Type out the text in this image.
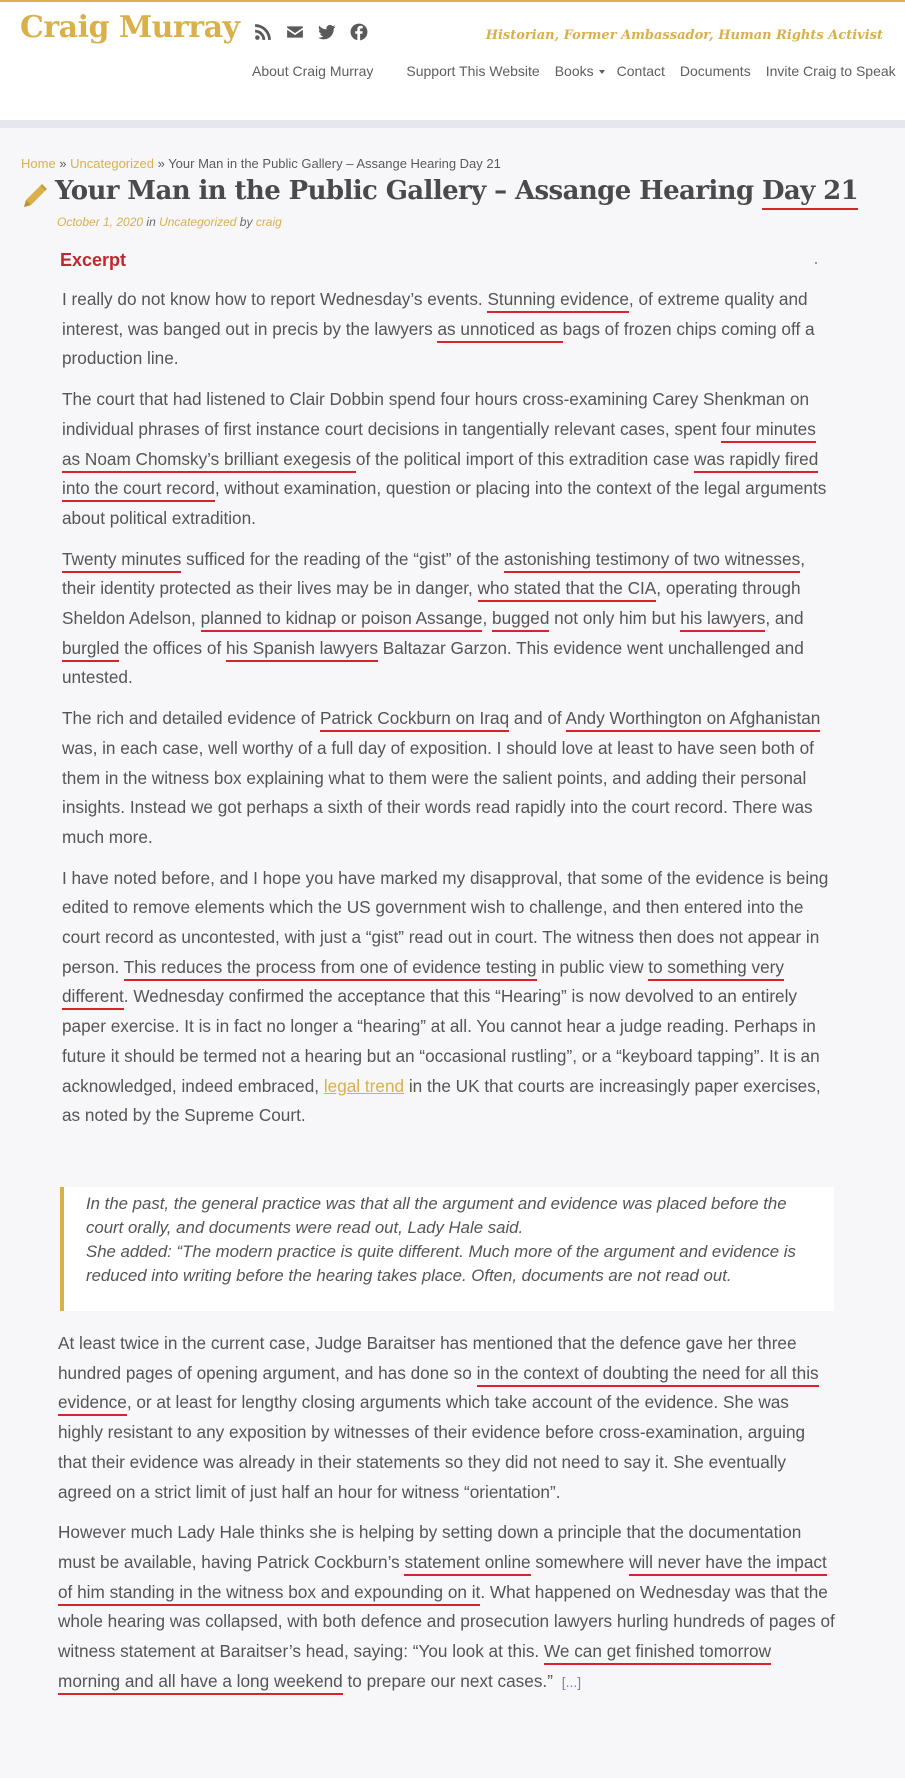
Craig Murray	Historian, Former Ambassador, Human Rights Activist
About Craig Murray Support This Website Books	Contact Documents Invite Craig to Speak
Home » Uncategorized » Your Man in the Public Gallery – Assange Hearing Day 21
Your Man in the Public Gallery – Assange Hearing Day 21
October 1, 2020 in Uncategorized by craig
Excerpt

I really do not know how to report Wednesday’s events. Stunning evidence, of extreme quality and interest, was banged out in precis by the lawyers as unnoticed as bags of frozen chips coming off a production line.

The court that had listened to Clair Dobbin spend four hours cross-examining Carey Shenkman on individual phrases of first instance court decisions in tangentially relevant cases, spent four minutes as Noam Chomsky’s brilliant exegesis of the political import of this extradition case was rapidly fired into the court record, without examination, question or placing into the context of the legal arguments about political extradition.

Twenty minutes sufficed for the reading of the “gist” of the astonishing testimony of two witnesses, their identity protected as their lives may be in danger, who stated that the CIA, operating through Sheldon Adelson, planned to kidnap or poison Assange, bugged not only him but his lawyers, and burgled the offices of his Spanish lawyers Baltazar Garzon. This evidence went unchallenged and untested.

The rich and detailed evidence of Patrick Cockburn on Iraq and of Andy Worthington on Afghanistan was, in each case, well worthy of a full day of exposition. I should love at least to have seen both of them in the witness box explaining what to them were the salient points, and adding their personal insights. Instead we got perhaps a sixth of their words read rapidly into the court record. There was much more.

I have noted before, and I hope you have marked my disapproval, that some of the evidence is being edited to remove elements which the US government wish to challenge, and then entered into the court record as uncontested, with just a “gist” read out in court. The witness then does not appear in person. This reduces the process from one of evidence testing in public view to something very different. Wednesday confirmed the acceptance that this “Hearing” is now devolved to an entirely paper exercise. It is in fact no longer a “hearing” at all. You cannot hear a judge reading. Perhaps in future it should be termed not a hearing but an “occasional rustling”, or a “keyboard tapping”. It is an acknowledged, indeed embraced, legal trend in the UK that courts are increasingly paper exercises, as noted by the Supreme Court.

In the past, the general practice was that all the argument and evidence was placed before the court orally, and documents were read out, Lady Hale said.
She added: “The modern practice is quite different. Much more of the argument and evidence is reduced into writing before the hearing takes place. Often, documents are not read out.

At least twice in the current case, Judge Baraitser has mentioned that the defence gave her three hundred pages of opening argument, and has done so in the context of doubting the need for all this evidence, or at least for lengthy closing arguments which take account of the evidence. She was highly resistant to any exposition by witnesses of their evidence before cross-examination, arguing that their evidence was already in their statements so they did not need to say it. She eventually agreed on a strict limit of just half an hour for witness “orientation”.

However much Lady Hale thinks she is helping by setting down a principle that the documentation must be available, having Patrick Cockburn’s statement online somewhere will never have the impact of him standing in the witness box and expounding on it. What happened on Wednesday was that the whole hearing was collapsed, with both defence and prosecution lawyers hurling hundreds of pages of witness statement at Baraitser’s head, saying: “You look at this. We can get finished tomorrow morning and all have a long weekend to prepare our next cases.” [...]
